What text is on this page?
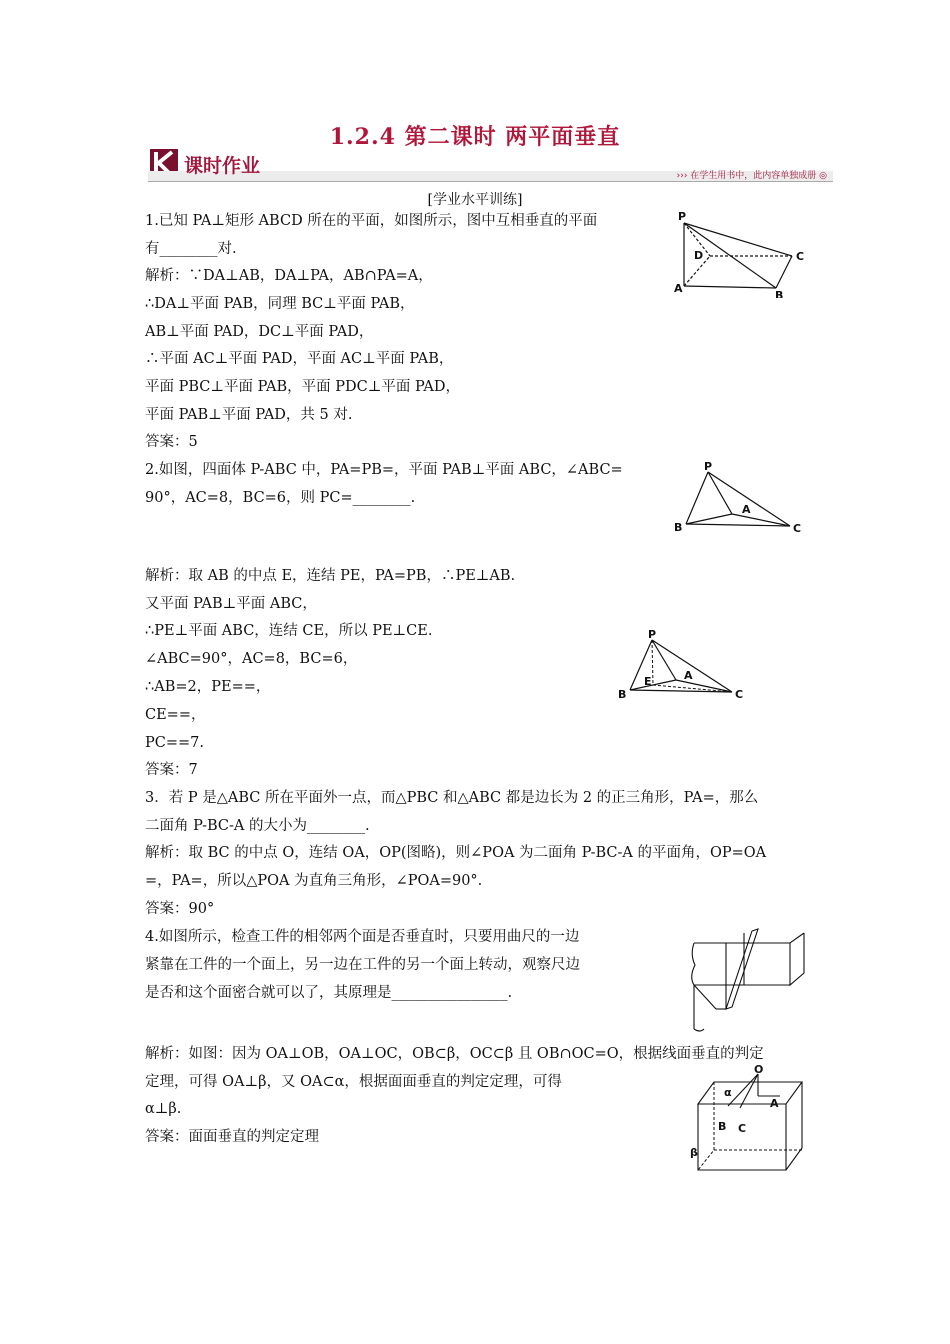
1.2.4 第二课时 两平面垂直
课时作业	››› 在学生用书中，此内容单独成册 ◎
[学业水平训练]
1.已知 PA⊥矩形 ABCD 所在的平面，如图所示，图中互相垂直的平面
有________对.
解析：∵DA⊥AB，DA⊥PA，AB∩PA=A，
∴DA⊥平面 PAB，同理 BC⊥平面 PAB，
AB⊥平面 PAD，DC⊥平面 PAD，
∴平面 AC⊥平面 PAD，平面 AC⊥平面 PAB，
平面 PBC⊥平面 PAB，平面 PDC⊥平面 PAD，
平面 PAB⊥平面 PAD，共 5 对.
答案：5
2.如图，四面体 P-ABC 中，PA=PB=，平面 PAB⊥平面 ABC，∠ABC=
90°，AC=8，BC=6，则 PC=________.
解析：取 AB 的中点 E，连结 PE，PA=PB，∴PE⊥AB.
又平面 PAB⊥平面 ABC，
∴PE⊥平面 ABC，连结 CE，所以 PE⊥CE.
∠ABC=90°，AC=8，BC=6，
∴AB=2，PE==，
CE==，
PC==7.
答案：7
3．若 P 是△ABC 所在平面外一点，而△PBC 和△ABC 都是边长为 2 的正三角形，PA=，那么
二面角 P-BC-A 的大小为________.
解析：取 BC 的中点 O，连结 OA，OP(图略)，则∠POA 为二面角 P-BC-A 的平面角，OP=OA
=，PA=，所以△POA 为直角三角形，∠POA=90°.
答案：90°
4.如图所示，检查工件的相邻两个面是否垂直时，只要用曲尺的一边
紧靠在工件的一个面上，另一边在工件的另一个面上转动，观察尺边
是否和这个面密合就可以了，其原理是________________.
解析：如图：因为 OA⊥OB，OA⊥OC，OB⊂β，OC⊂β 且 OB∩OC=O，根据线面垂直的判定
定理，可得 OA⊥β，又 OA⊂α，根据面面垂直的判定定理，可得
α⊥β.
答案：面面垂直的判定定理
P
D	C
A
B
P
A
B	C
P
E	A
B	C
O
α
A
B C
β
